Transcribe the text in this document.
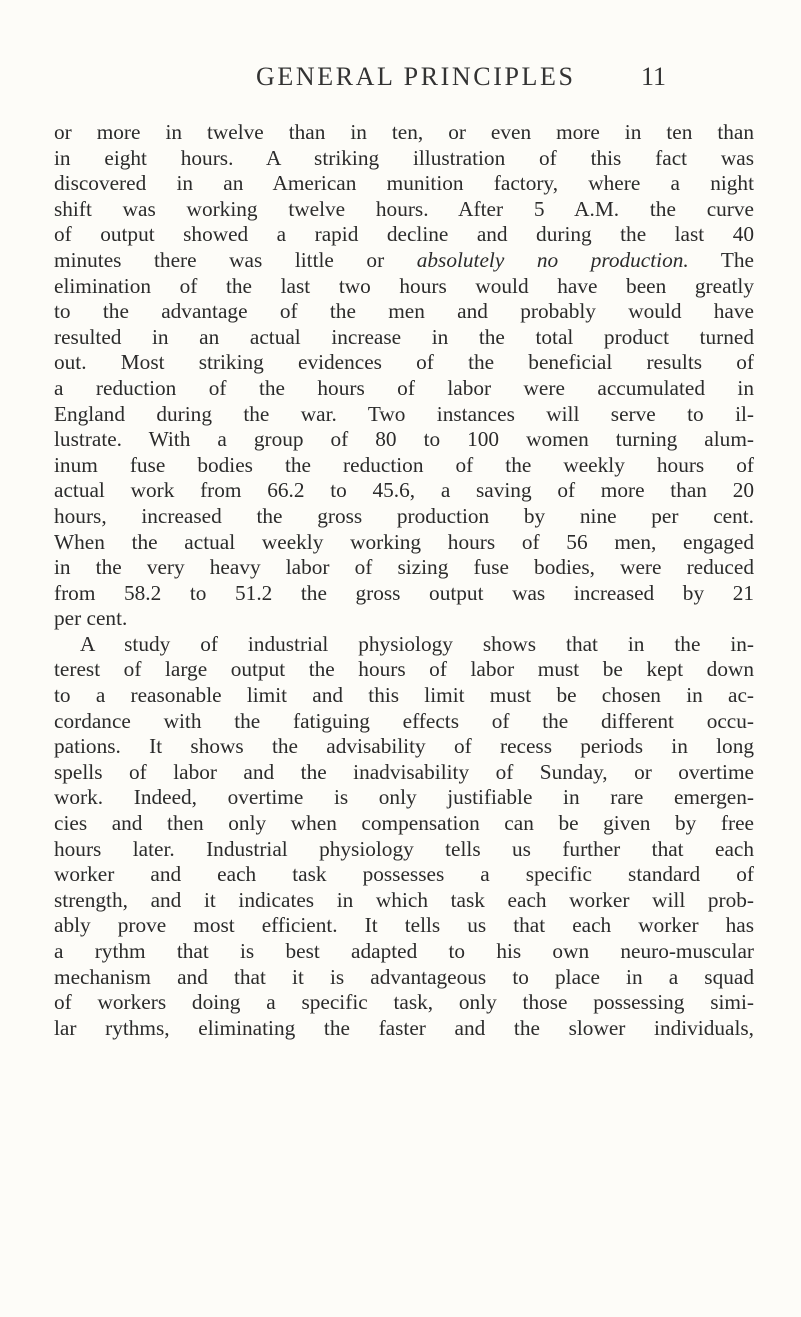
GENERAL PRINCIPLES	11
or more in twelve than in ten, or even more in ten than
in eight hours. A striking illustration of this fact was
discovered in an American munition factory, where a night
shift was working twelve hours. After 5 A.M. the curve
of output showed a rapid decline and during the last 40
minutes there was little or absolutely no production. The
elimination of the last two hours would have been greatly
to the advantage of the men and probably would have
resulted in an actual increase in the total product turned
out. Most striking evidences of the beneficial results of
a reduction of the hours of labor were accumulated in
England during the war. Two instances will serve to il-
lustrate. With a group of 80 to 100 women turning alum-
inum fuse bodies the reduction of the weekly hours of
actual work from 66.2 to 45.6, a saving of more than 20
hours, increased the gross production by nine per cent.
When the actual weekly working hours of 56 men, engaged
in the very heavy labor of sizing fuse bodies, were reduced
from 58.2 to 51.2 the gross output was increased by 21
per cent.
A study of industrial physiology shows that in the in-
terest of large output the hours of labor must be kept down
to a reasonable limit and this limit must be chosen in ac-
cordance with the fatiguing effects of the different occu-
pations. It shows the advisability of recess periods in long
spells of labor and the inadvisability of Sunday, or overtime
work. Indeed, overtime is only justifiable in rare emergen-
cies and then only when compensation can be given by free
hours later. Industrial physiology tells us further that each
worker and each task possesses a specific standard of
strength, and it indicates in which task each worker will prob-
ably prove most efficient. It tells us that each worker has
a rythm that is best adapted to his own neuro-muscular
mechanism and that it is advantageous to place in a squad
of workers doing a specific task, only those possessing simi-
lar rythms, eliminating the faster and the slower individuals,
